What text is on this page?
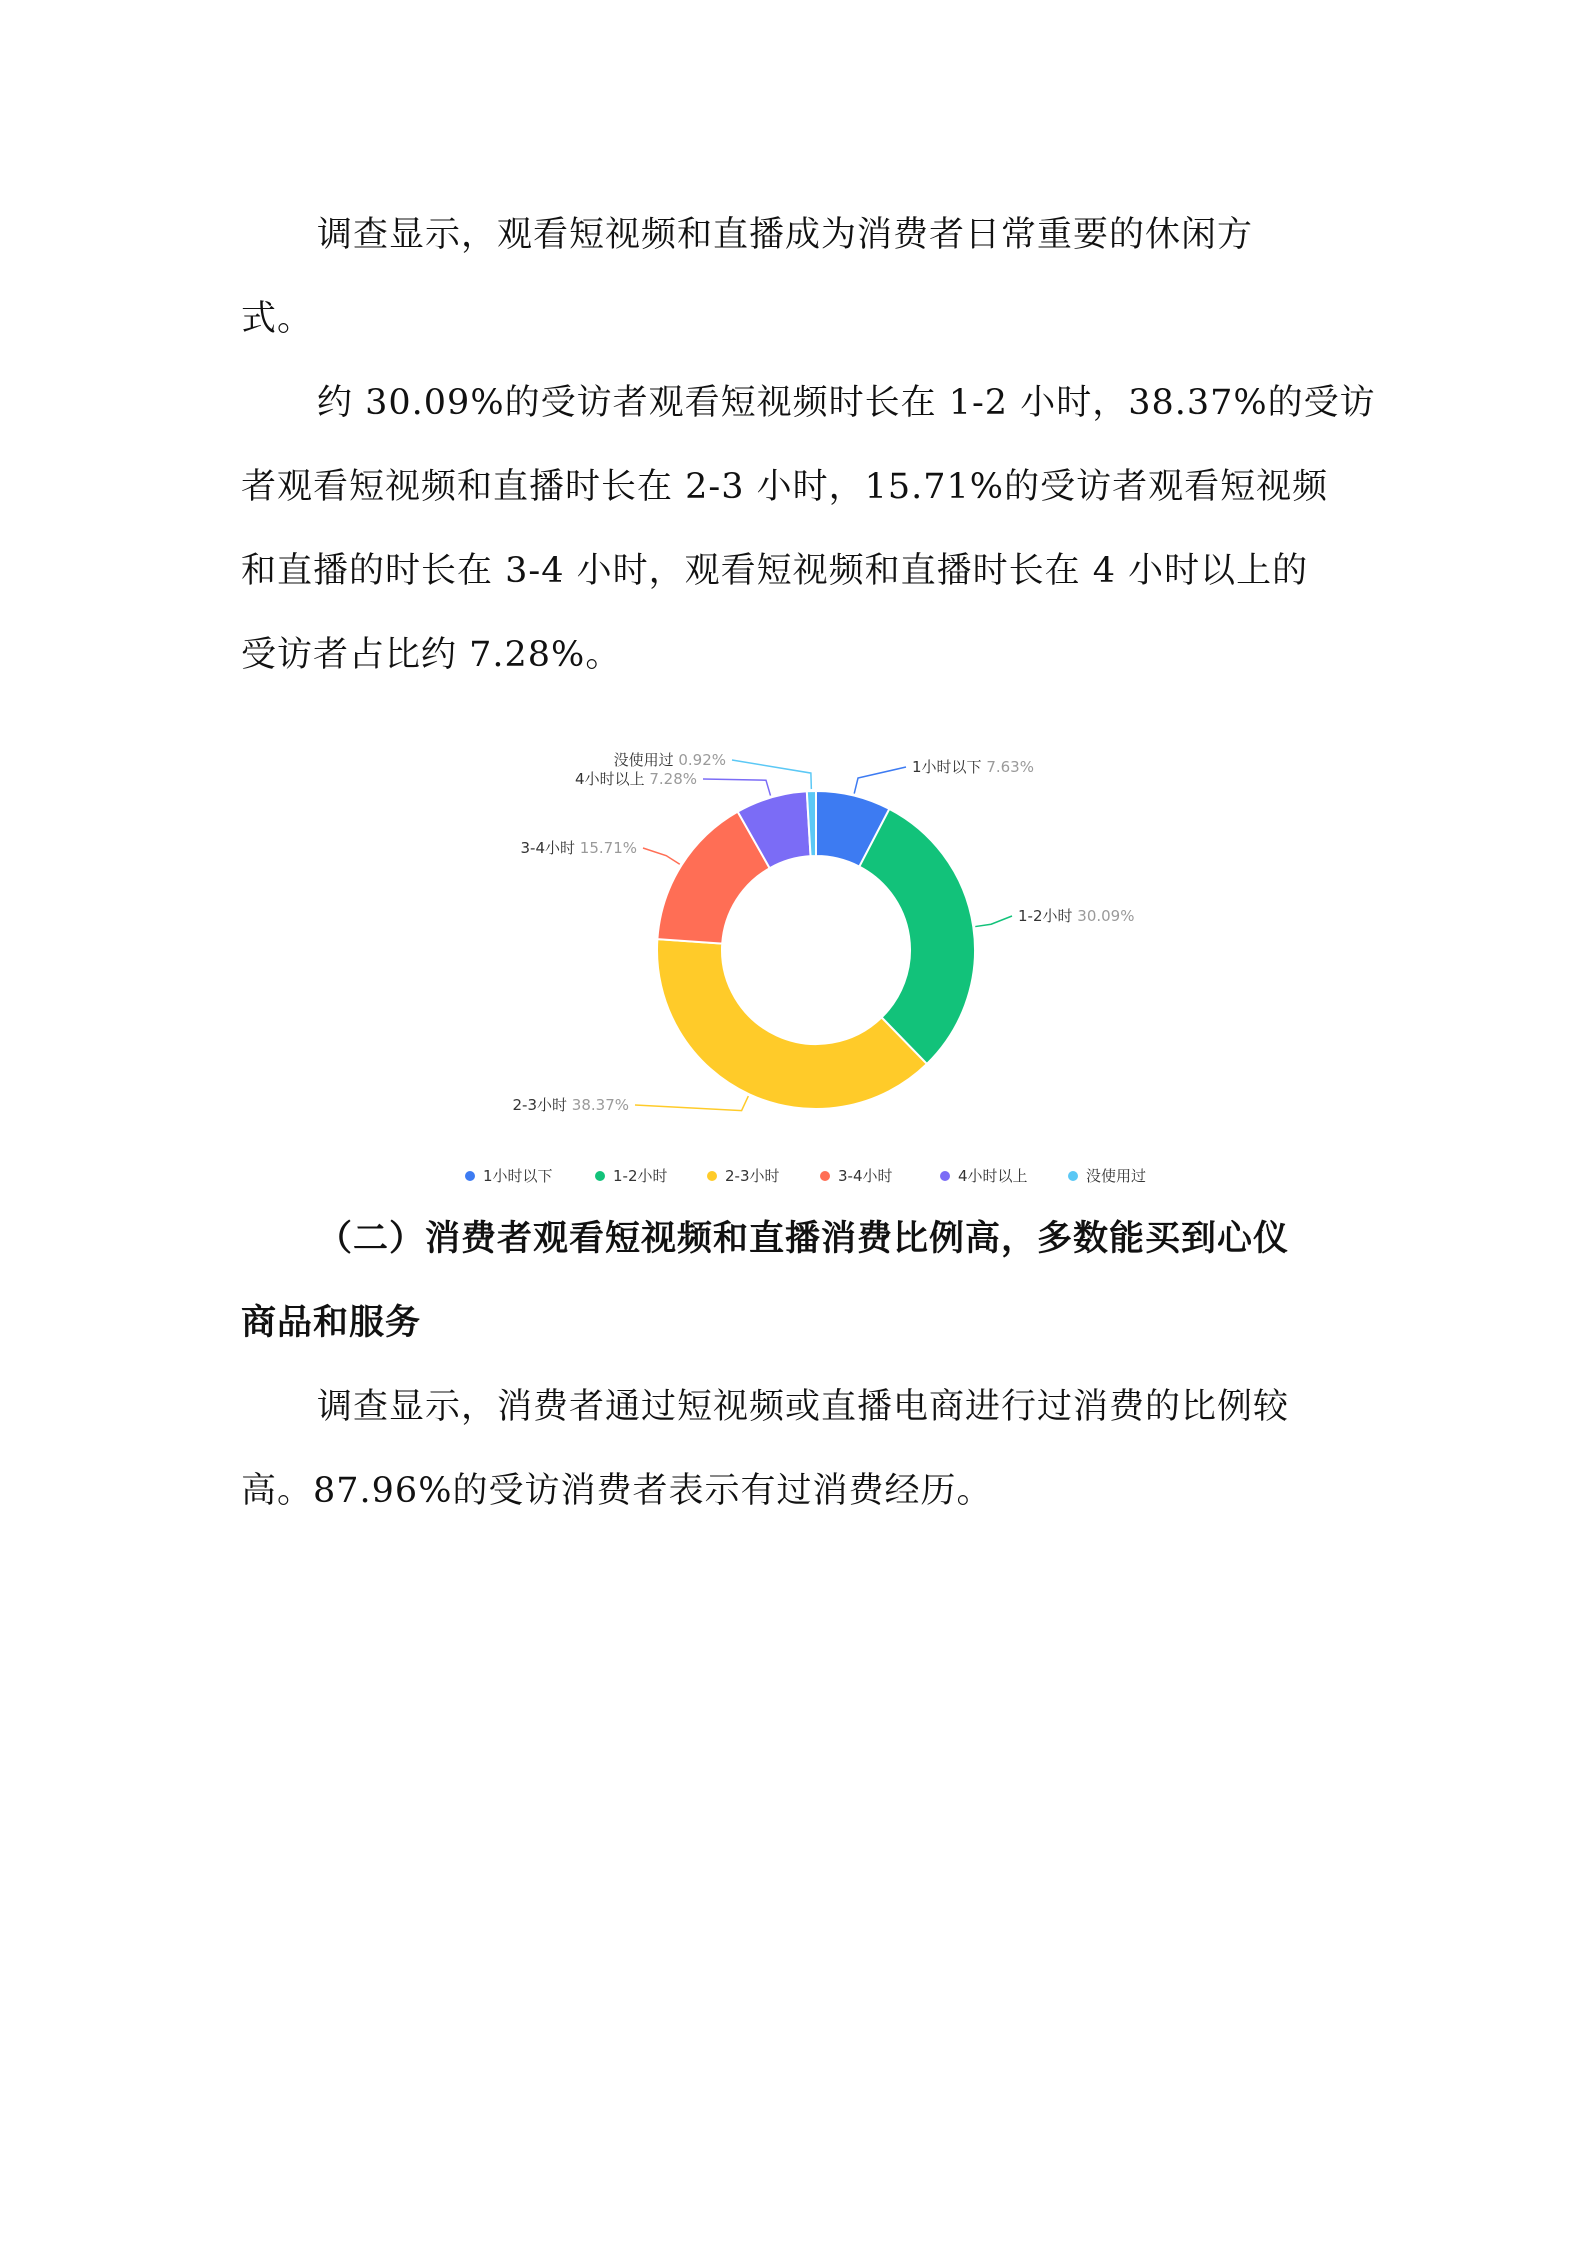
调查显示，观看短视频和直播成为消费者日常重要的休闲方
式。

约 30.09%的受访者观看短视频时长在 1-2 小时，38.37%的受访
者观看短视频和直播时长在 2-3 小时，15.71%的受访者观看短视频
和直播的时长在 3-4 小时，观看短视频和直播时长在 4 小时以上的
受访者占比约 7.28%。

1小时以下 7.63%
1-2小时 30.09%
2-3小时 38.37%
3-4小时 15.71%
4小时以上 7.28%
没使用过 0.92%
1小时以下	1-2小时	2-3小时	3-4小时	4小时以上	没使用过

（二）消费者观看短视频和直播消费比例高，多数能买到心仪
商品和服务

调查显示，消费者通过短视频或直播电商进行过消费的比例较
高。87.96%的受访消费者表示有过消费经历。
